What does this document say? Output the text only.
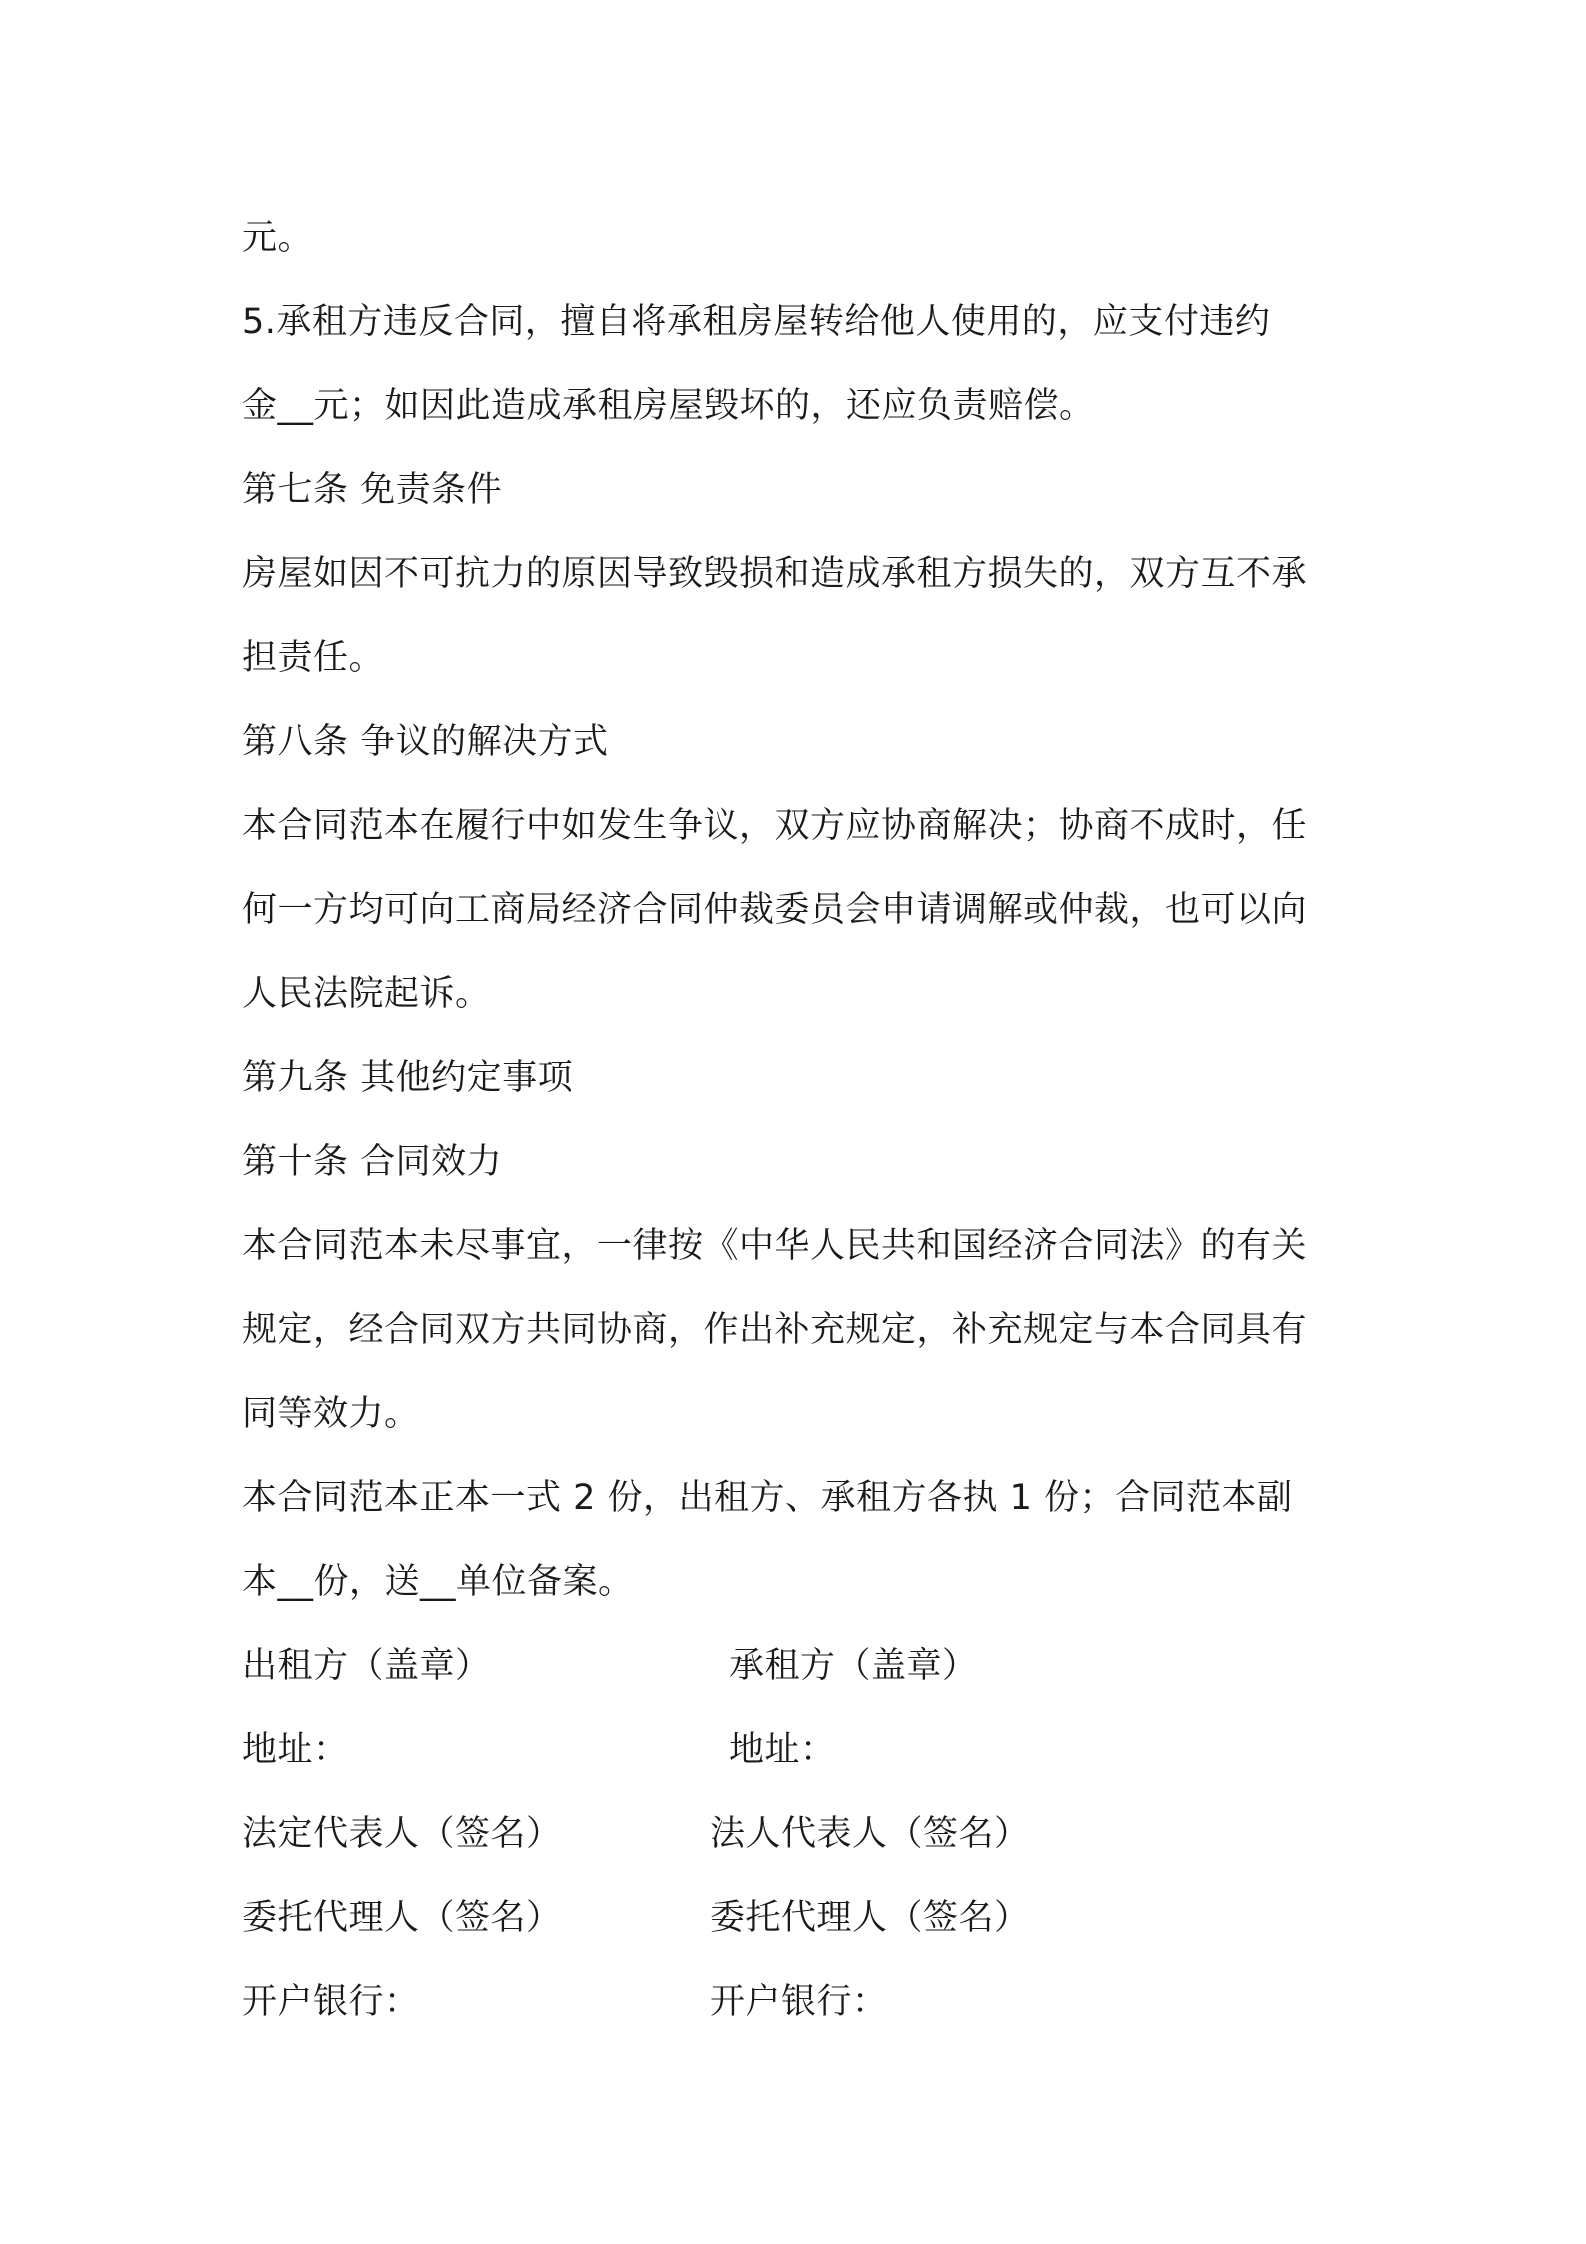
元。
5.承租方违反合同，擅自将承租房屋转给他人使用的，应支付违约
金__元；如因此造成承租房屋毁坏的，还应负责赔偿。
第七条 免责条件
房屋如因不可抗力的原因导致毁损和造成承租方损失的，双方互不承
担责任。
第八条 争议的解决方式
本合同范本在履行中如发生争议，双方应协商解决；协商不成时，任
何一方均可向工商局经济合同仲裁委员会申请调解或仲裁，也可以向
人民法院起诉。
第九条 其他约定事项
第十条 合同效力
本合同范本未尽事宜，一律按《中华人民共和国经济合同法》的有关
规定，经合同双方共同协商，作出补充规定，补充规定与本合同具有
同等效力。
本合同范本正本一式 2 份，出租方、承租方各执 1 份；合同范本副
本__份，送__单位备案。
出租方（盖章）	承租方（盖章）
地址：	地址：
法定代表人（签名）	法人代表人（签名）
委托代理人（签名）	委托代理人（签名）
开户银行：	开户银行：
